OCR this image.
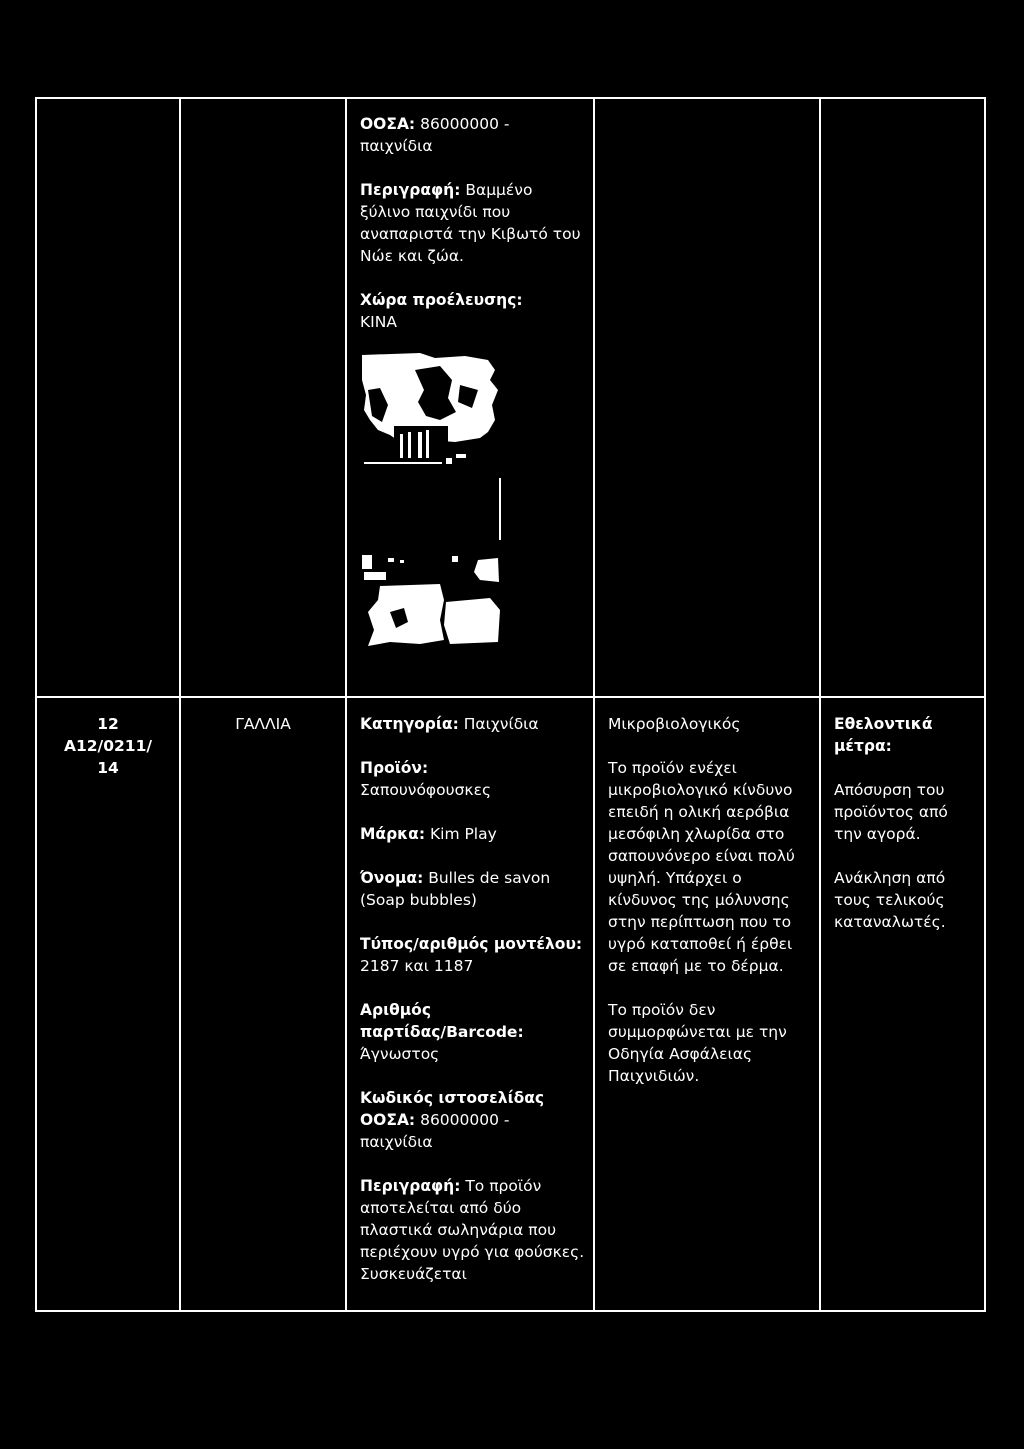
ΟΟΣΑ: 86000000 - παιχνίδια

Περιγραφή: Βαμμένο ξύλινο παιχνίδι που αναπαριστά την Κιβωτό του Νώε και ζώα.

Χώρα προέλευσης:
ΚΙΝΑ

12
A12/0211/ 14
ΓΑΛΛΙΑ	Κατηγορία: Παιχνίδια

Προϊόν:
Σαπουνόφουσκες

Μάρκα: Kim Play

Όνομα: Bulles de savon (Soap bubbles)

Τύπος/αριθμός μοντέλου: 2187 και 1187

Αριθμός παρτίδας/Barcode:
Άγνωστος

Κωδικός ιστοσελίδας ΟΟΣΑ: 86000000 - παιχνίδια

Περιγραφή: Το προϊόν αποτελείται από δύο πλαστικά σωληνάρια που περιέχουν υγρό για φούσκες. Συσκευάζεται

Μικροβιολογικός

Το προϊόν ενέχει μικροβιολογικό κίνδυνο επειδή η ολική αερόβια μεσόφιλη χλωρίδα στο σαπουνόνερο είναι πολύ υψηλή. Υπάρχει ο κίνδυνος της μόλυνσης στην περίπτωση που το υγρό καταποθεί ή έρθει σε επαφή με το δέρμα.

Το προϊόν δεν συμμορφώνεται με την Οδηγία Ασφάλειας Παιχνιδιών.

Εθελοντικά μέτρα:

Απόσυρση του προϊόντος από την αγορά.

Ανάκληση από τους τελικούς καταναλωτές.
